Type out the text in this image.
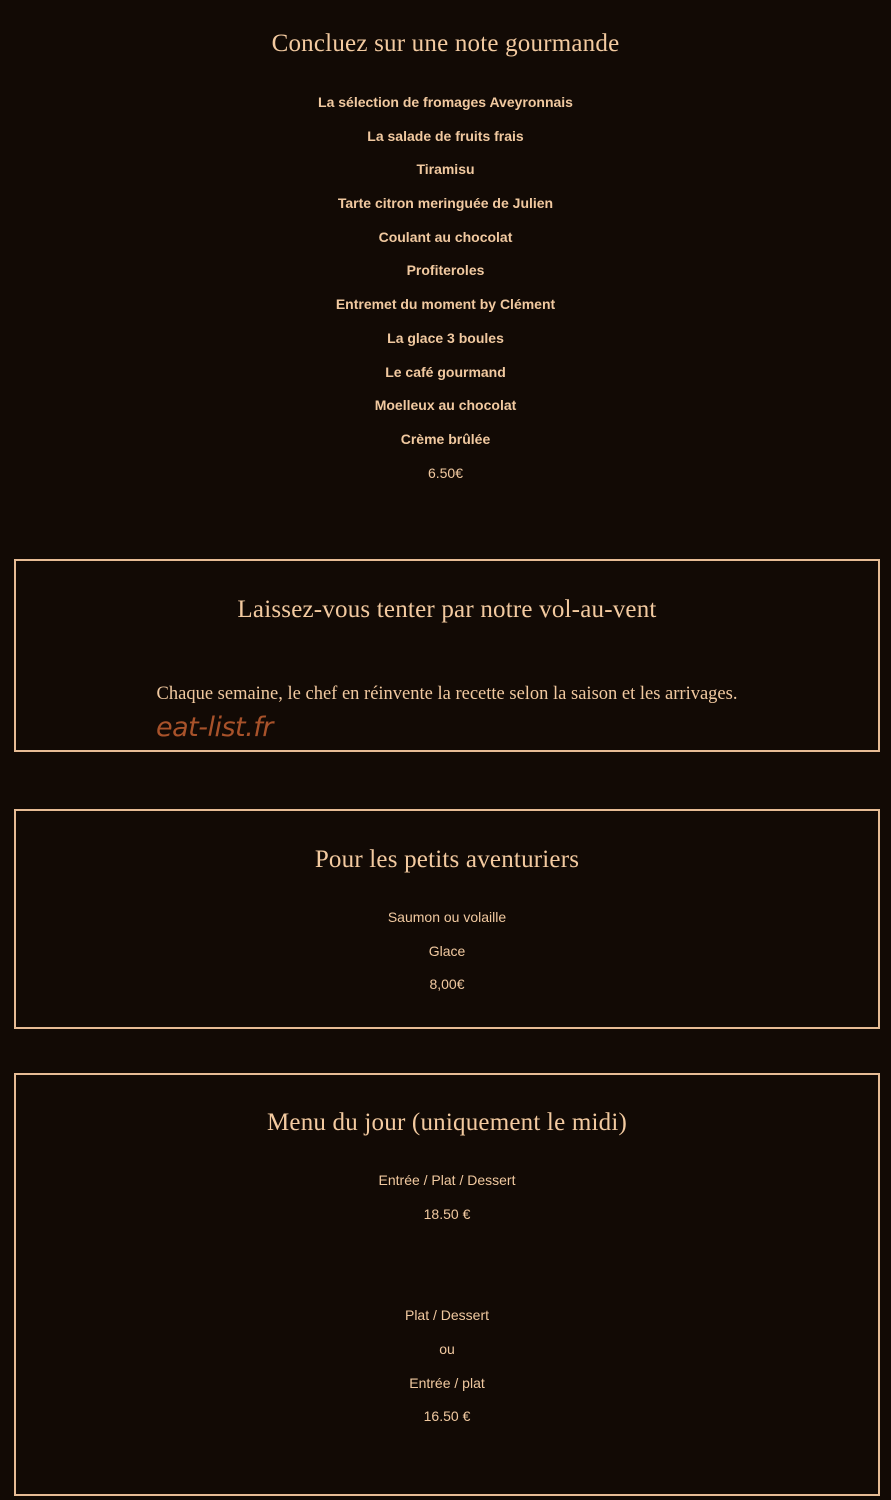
Concluez sur une note gourmande
La sélection de fromages Aveyronnais
La salade de fruits frais
Tiramisu
Tarte citron meringuée de Julien
Coulant au chocolat
Profiteroles
Entremet du moment by Clément
La glace 3 boules
Le café gourmand
Moelleux au chocolat
Crème brûlée
6.50€
Laissez-vous tenter par notre vol-au-vent
Chaque semaine, le chef en réinvente la recette selon la saison et les arrivages.
eat-list.fr
Pour les petits aventuriers
Saumon ou volaille
Glace
8,00€
Menu du jour (uniquement le midi)
Entrée / Plat / Dessert
18.50 €
Plat / Dessert
ou
Entrée / plat
16.50 €
